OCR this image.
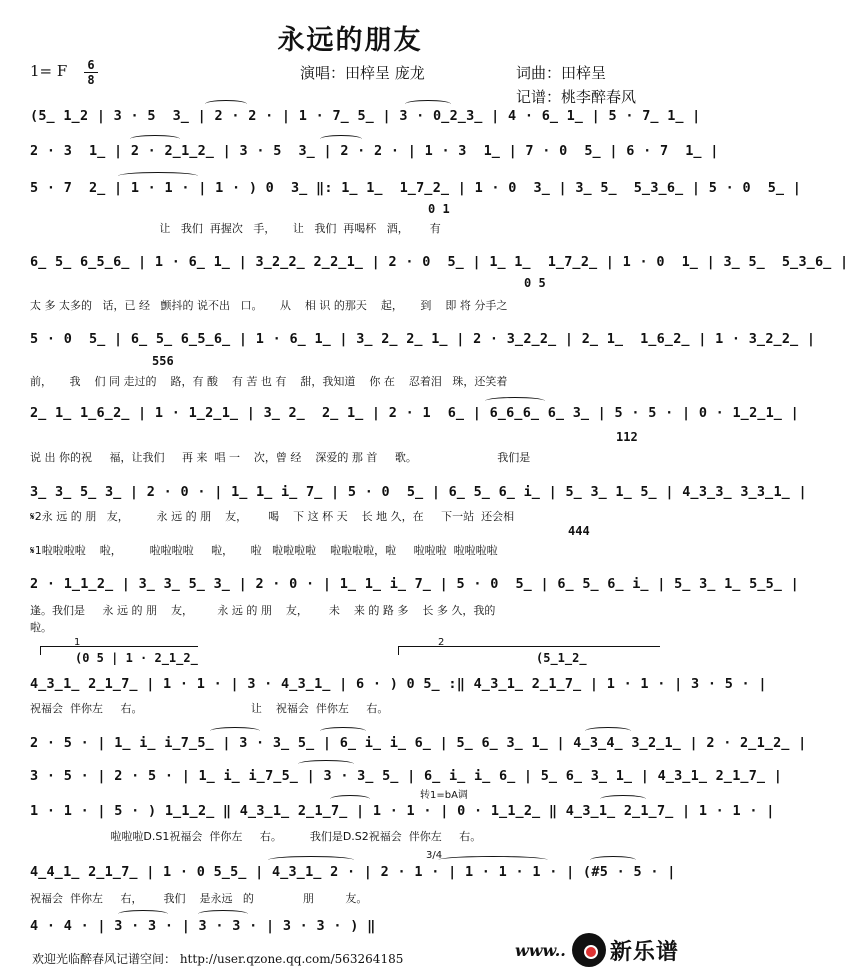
永远的朋友
1= F 6
8	演唱：田梓呈 庞龙	词曲：田梓呈
记谱：桃李醉春风
(5̲ 1̲2 | 3 · 5  3̲ | 2 · 2 · | 1 · 7̲ 5̲ | 3 · 0̲2̲3̲ | 4 · 6̲ 1̲ | 5 · 7̲ 1̲ |
2 · 3  1̲ | 2 · 2̲1̲2̲ | 3 · 5  3̲ | 2 · 2 · | 1 · 3  1̲ | 7 · 0  5̲ | 6 · 7  1̲ |
5 · 7  2̲ | 1 · 1 · | 1 · ) 0  3̲ ‖: 1̲ 1̲  1̲7̲2̲ | 1 · 0  3̲ | 3̲ 5̲  5̲3̲6̲ | 5 · 0  5̲ |
0 1
让   我们  再握次   手，     让   我们  再喝杯   酒，      有
6̲ 5̲ 6̲5̲6̲ | 1 · 6̲ 1̲ | 3̲2̲2̲ 2̲2̲1̲ | 2 · 0  5̲ | 1̲ 1̲  1̲7̲2̲ | 1 · 0  1̲ | 3̲ 5̲  5̲3̲6̲ |
0 5
太 多 太多的   话，已 经   颤抖的 说不出   口。     从    相 识 的那天    起，     到    即 将 分手之
5 · 0  5̲ | 6̲ 5̲ 6̲5̲6̲ | 1 · 6̲ 1̲ | 3̲ 2̲ 2̲ 1̲ | 2 · 3̲2̲2̲ | 2̲ 1̲  1̲6̲2̲ | 1 · 3̲2̲2̲ |
556
前，     我    们 同 走过的    路，有 酸    有 苦 也 有    甜，我知道    你 在    忍着泪   珠，还笑着
2̲ 1̲ 1̲6̲2̲ | 1 · 1̲2̲1̲ | 3̲ 2̲  2̲ 1̲ | 2 · 1  6̲ | 6̲6̲6̲ 6̲ 3̲ | 5 · 5 · | 0 · 1̲2̲1̲ |
112
说 出 你的祝     福，让我们     再 来  唱 一    次，曾 经    深爱的 那 首     歌。                       我们是
3̲ 3̲ 5̲ 3̲ | 2 · 0 · | 1̲ 1̲ i̲ 7̲ | 5 · 0  5̲ | 6̲ 5̲ 6̲ i̲ | 5̲ 3̲ 1̲ 5̲ | 4̲3̲3̲ 3̲3̲1̲ |
444
𝄋2永 远 的 朋   友，        永 远 的 朋    友，      喝    下 这 杯 天    长 地 久，在     下一站  还会相
𝄋1啦啦啦啦    啦，        啦啦啦啦     啦，     啦   啦啦啦啦    啦啦啦啦，啦     啦啦啦  啦啦啦啦
2 · 1̲1̲2̲ | 3̲ 3̲ 5̲ 3̲ | 2 · 0 · | 1̲ 1̲ i̲ 7̲ | 5 · 0  5̲ | 6̲ 5̲ 6̲ i̲ | 5̲ 3̲ 1̲ 5̲5̲ |
逢。我们是     永 远 的 朋    友，       永 远 的 朋    友，      未    来 的 路 多    长 多 久，我的
啦。
1	2
(0 5 | 1 · 2̲1̲2̲	(5̲1̲2̲
4̲3̲1̲ 2̲1̲7̲ | 1 · 1 · | 3 · 4̲3̲1̲ | 6 · ) 0 5̲ :‖ 4̲3̲1̲ 2̲1̲7̲ | 1 · 1 · | 3 · 5 · |
祝福会  伴你左     右。                               让    祝福会  伴你左     右。
2 · 5 · | 1̲ i̲ i̲7̲5̲ | 3 · 3̲ 5̲ | 6̲ i̲ i̲ 6̲ | 5̲ 6̲ 3̲ 1̲ | 4̲3̲4̲ 3̲2̲1̲ | 2 · 2̲1̲2̲ |
3 · 5 · | 2 · 5 · | 1̲ i̲ i̲7̲5̲ | 3 · 3̲ 5̲ | 6̲ i̲ i̲ 6̲ | 5̲ 6̲ 3̲ 1̲ | 4̲3̲1̲ 2̲1̲7̲ |
转1=bA调
1 · 1 · | 5 · ) 1̲1̲2̲ ‖ 4̲3̲1̲ 2̲1̲7̲ | 1 · 1 · | 0 · 1̲1̲2̲ ‖ 4̲3̲1̲ 2̲1̲7̲ | 1 · 1 · |
啦啦啦D.S1祝福会  伴你左     右。        我们是D.S2祝福会  伴你左     右。
3/4
4̲4̲1̲ 2̲1̲7̲ | 1 · 0 5̲5̲ | 4̲3̲1̲ 2 · | 2 · 1 · | 1 · 1 · 1 · | (#5 · 5 · |
祝福会  伴你左     右，      我们    是永远   的              朋         友。
4 · 4 · | 3 · 3 · | 3 · 3 · | 3 · 3 · ) ‖
欢迎光临醉春风记谱空间： http://user.qzone.qq.com/563264185	www.. 新乐谱
